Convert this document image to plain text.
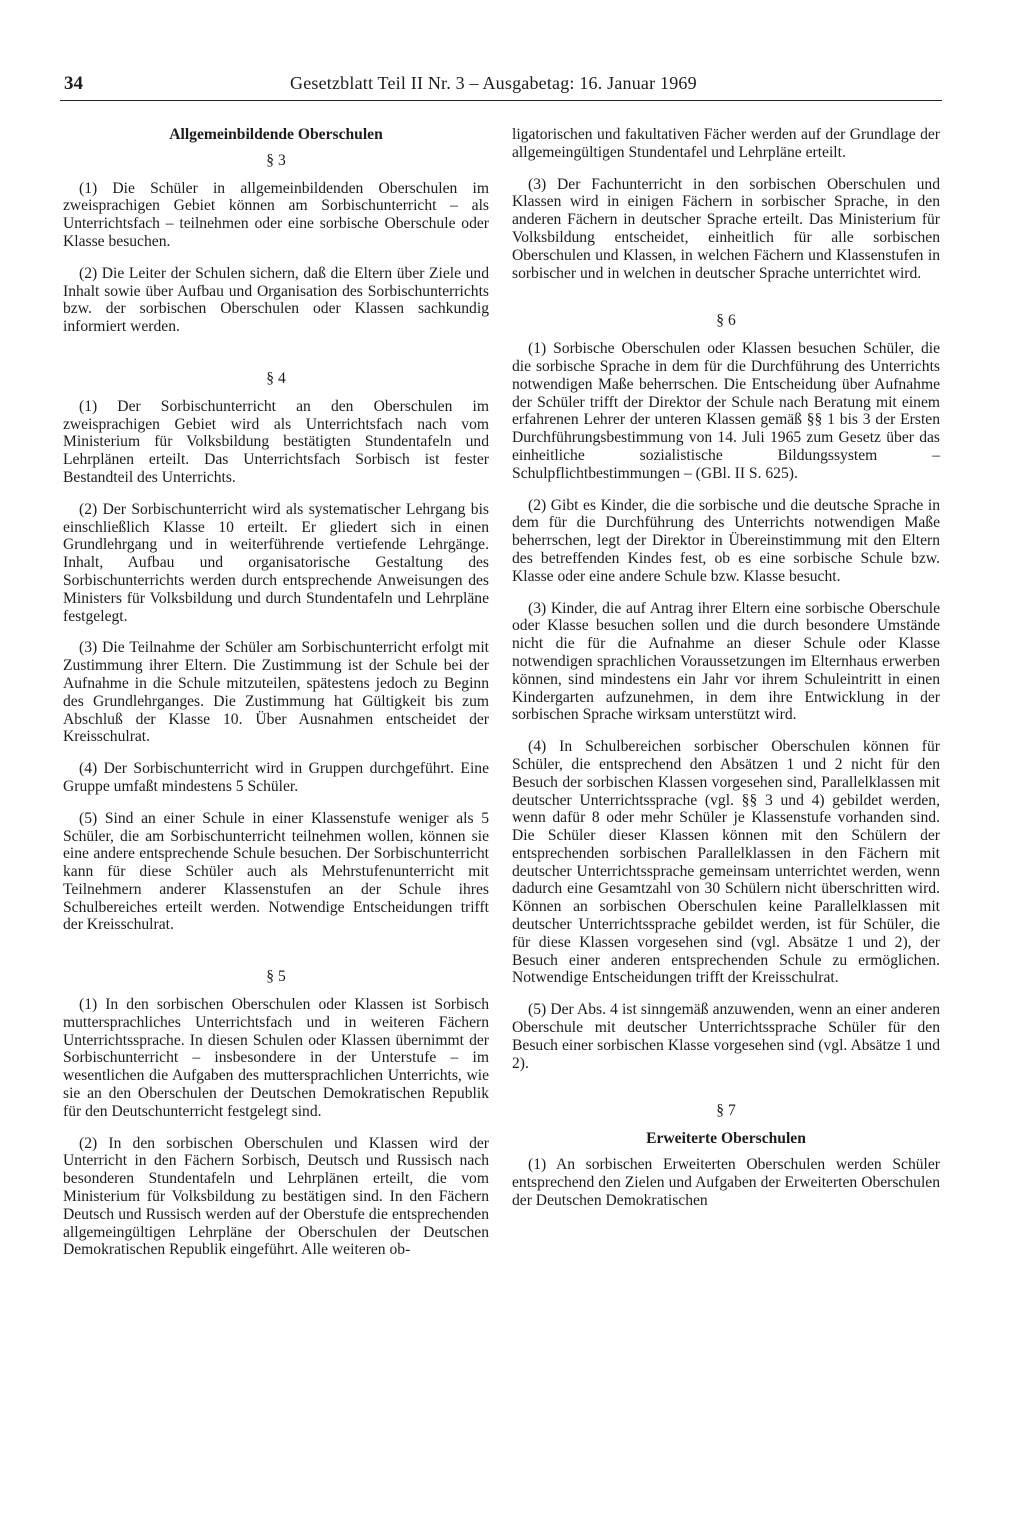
34	Gesetzblatt Teil II Nr. 3 – Ausgabetag: 16. Januar 1969
Allgemeinbildende Oberschulen
§ 3

(1) Die Schüler in allgemeinbildenden Oberschulen im zweisprachigen Gebiet können am Sorbischunterricht – als Unterrichtsfach – teilnehmen oder eine sorbische Oberschule oder Klasse besuchen.

(2) Die Leiter der Schulen sichern, daß die Eltern über Ziele und Inhalt sowie über Aufbau und Organisation des Sorbischunterrichts bzw. der sorbischen Oberschulen oder Klassen sachkundig informiert werden.

§ 4

(1) Der Sorbischunterricht an den Oberschulen im zweisprachigen Gebiet wird als Unterrichtsfach nach vom Ministerium für Volksbildung bestätigten Stundentafeln und Lehrplänen erteilt. Das Unterrichtsfach Sorbisch ist fester Bestandteil des Unterrichts.

(2) Der Sorbischunterricht wird als systematischer Lehrgang bis einschließlich Klasse 10 erteilt. Er gliedert sich in einen Grundlehrgang und in weiterführende vertiefende Lehrgänge. Inhalt, Aufbau und organisatorische Gestaltung des Sorbischunterrichts werden durch entsprechende Anweisungen des Ministers für Volksbildung und durch Stundentafeln und Lehrpläne festgelegt.

(3) Die Teilnahme der Schüler am Sorbischunterricht erfolgt mit Zustimmung ihrer Eltern. Die Zustimmung ist der Schule bei der Aufnahme in die Schule mitzuteilen, spätestens jedoch zu Beginn des Grundlehrganges. Die Zustimmung hat Gültigkeit bis zum Abschluß der Klasse 10. Über Ausnahmen entscheidet der Kreisschulrat.

(4) Der Sorbischunterricht wird in Gruppen durchgeführt. Eine Gruppe umfaßt mindestens 5 Schüler.

(5) Sind an einer Schule in einer Klassenstufe weniger als 5 Schüler, die am Sorbischunterricht teilnehmen wollen, können sie eine andere entsprechende Schule besuchen. Der Sorbischunterricht kann für diese Schüler auch als Mehrstufenunterricht mit Teilnehmern anderer Klassenstufen an der Schule ihres Schulbereiches erteilt werden. Notwendige Entscheidungen trifft der Kreisschulrat.

§ 5

(1) In den sorbischen Oberschulen oder Klassen ist Sorbisch muttersprachliches Unterrichtsfach und in weiteren Fächern Unterrichtssprache. In diesen Schulen oder Klassen übernimmt der Sorbischunterricht – insbesondere in der Unterstufe – im wesentlichen die Aufgaben des muttersprachlichen Unterrichts, wie sie an den Oberschulen der Deutschen Demokratischen Republik für den Deutschunterricht festgelegt sind.

(2) In den sorbischen Oberschulen und Klassen wird der Unterricht in den Fächern Sorbisch, Deutsch und Russisch nach besonderen Stundentafeln und Lehrplänen erteilt, die vom Ministerium für Volksbildung zu bestätigen sind. In den Fächern Deutsch und Russisch werden auf der Oberstufe die entsprechenden allgemeingültigen Lehrpläne der Oberschulen der Deutschen Demokratischen Republik eingeführt. Alle weiteren ob-

ligatorischen und fakultativen Fächer werden auf der Grundlage der allgemeingültigen Stundentafel und Lehrpläne erteilt.

(3) Der Fachunterricht in den sorbischen Oberschulen und Klassen wird in einigen Fächern in sorbischer Sprache, in den anderen Fächern in deutscher Sprache erteilt. Das Ministerium für Volksbildung entscheidet, einheitlich für alle sorbischen Oberschulen und Klassen, in welchen Fächern und Klassenstufen in sorbischer und in welchen in deutscher Sprache unterrichtet wird.

§ 6

(1) Sorbische Oberschulen oder Klassen besuchen Schüler, die die sorbische Sprache in dem für die Durchführung des Unterrichts notwendigen Maße beherrschen. Die Entscheidung über Aufnahme der Schüler trifft der Direktor der Schule nach Beratung mit einem erfahrenen Lehrer der unteren Klassen gemäß §§ 1 bis 3 der Ersten Durchführungsbestimmung von 14. Juli 1965 zum Gesetz über das einheitliche sozialistische Bildungssystem – Schulpflichtbestimmungen – (GBl. II S. 625).

(2) Gibt es Kinder, die die sorbische und die deutsche Sprache in dem für die Durchführung des Unterrichts notwendigen Maße beherrschen, legt der Direktor in Übereinstimmung mit den Eltern des betreffenden Kindes fest, ob es eine sorbische Schule bzw. Klasse oder eine andere Schule bzw. Klasse besucht.

(3) Kinder, die auf Antrag ihrer Eltern eine sorbische Oberschule oder Klasse besuchen sollen und die durch besondere Umstände nicht die für die Aufnahme an dieser Schule oder Klasse notwendigen sprachlichen Voraussetzungen im Elternhaus erwerben können, sind mindestens ein Jahr vor ihrem Schuleintritt in einen Kindergarten aufzunehmen, in dem ihre Entwicklung in der sorbischen Sprache wirksam unterstützt wird.

(4) In Schulbereichen sorbischer Oberschulen können für Schüler, die entsprechend den Absätzen 1 und 2 nicht für den Besuch der sorbischen Klassen vorgesehen sind, Parallelklassen mit deutscher Unterrichtssprache (vgl. §§ 3 und 4) gebildet werden, wenn dafür 8 oder mehr Schüler je Klassenstufe vorhanden sind. Die Schüler dieser Klassen können mit den Schülern der entsprechenden sorbischen Parallelklassen in den Fächern mit deutscher Unterrichtssprache gemeinsam unterrichtet werden, wenn dadurch eine Gesamtzahl von 30 Schülern nicht überschritten wird. Können an sorbischen Oberschulen keine Parallelklassen mit deutscher Unterrichtssprache gebildet werden, ist für Schüler, die für diese Klassen vorgesehen sind (vgl. Absätze 1 und 2), der Besuch einer anderen entsprechenden Schule zu ermöglichen. Notwendige Entscheidungen trifft der Kreisschulrat.

(5) Der Abs. 4 ist sinngemäß anzuwenden, wenn an einer anderen Oberschule mit deutscher Unterrichtssprache Schüler für den Besuch einer sorbischen Klasse vorgesehen sind (vgl. Absätze 1 und 2).

§ 7
Erweiterte Oberschulen

(1) An sorbischen Erweiterten Oberschulen werden Schüler entsprechend den Zielen und Aufgaben der Erweiterten Oberschulen der Deutschen Demokratischen
